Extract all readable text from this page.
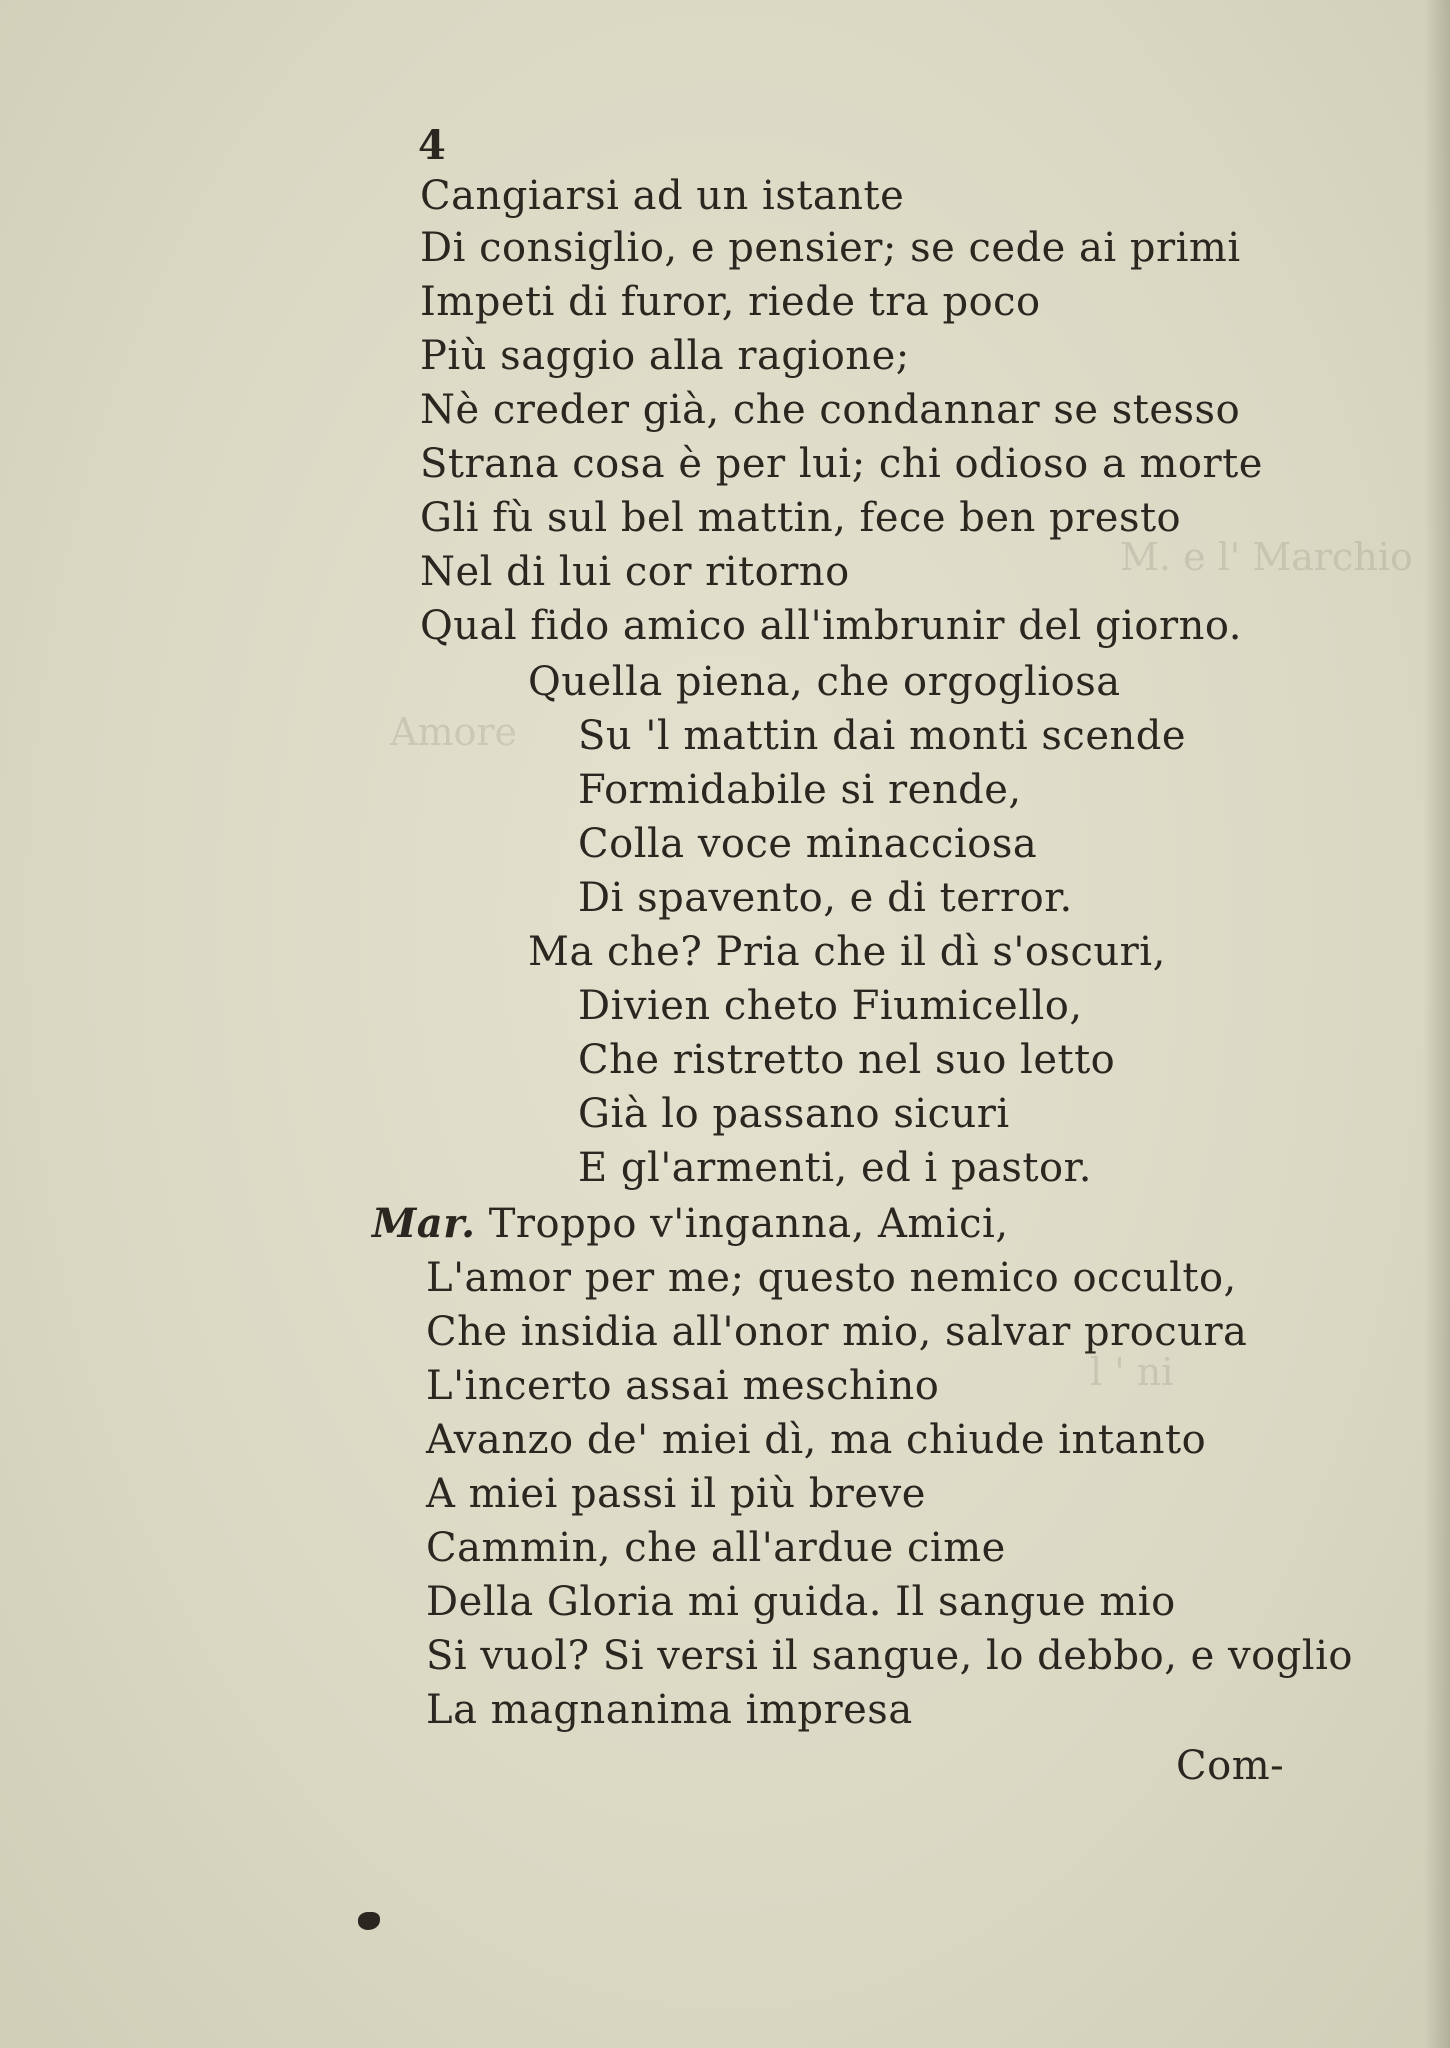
M. e l' Marchio
Amore
l ' ni
4
Cangiarsi ad un istante
Di consiglio, e pensier; se cede ai primi
Impeti di furor, riede tra poco
Più saggio alla ragione;
Nè creder già, che condannar se stesso
Strana cosa è per lui; chi odioso a morte
Gli fù sul bel mattin, fece ben presto
Nel di lui cor ritorno
Qual fido amico all'imbrunir del giorno.
Quella piena, che orgogliosa
Su 'l mattin dai monti scende
Formidabile si rende,
Colla voce minacciosa
Di spavento, e di terror.
Ma che? Pria che il dì s'oscuri,
Divien cheto Fiumicello,
Che ristretto nel suo letto
Già lo passano sicuri
E gl'armenti, ed i pastor.
Mar. Troppo v'inganna, Amici,
L'amor per me; questo nemico occulto,
Che insidia all'onor mio, salvar procura
L'incerto assai meschino
Avanzo de' miei dì, ma chiude intanto
A miei passi il più breve
Cammin, che all'ardue cime
Della Gloria mi guida. Il sangue mio
Si vuol? Si versi il sangue, lo debbo, e voglio
La magnanima impresa
Com-
